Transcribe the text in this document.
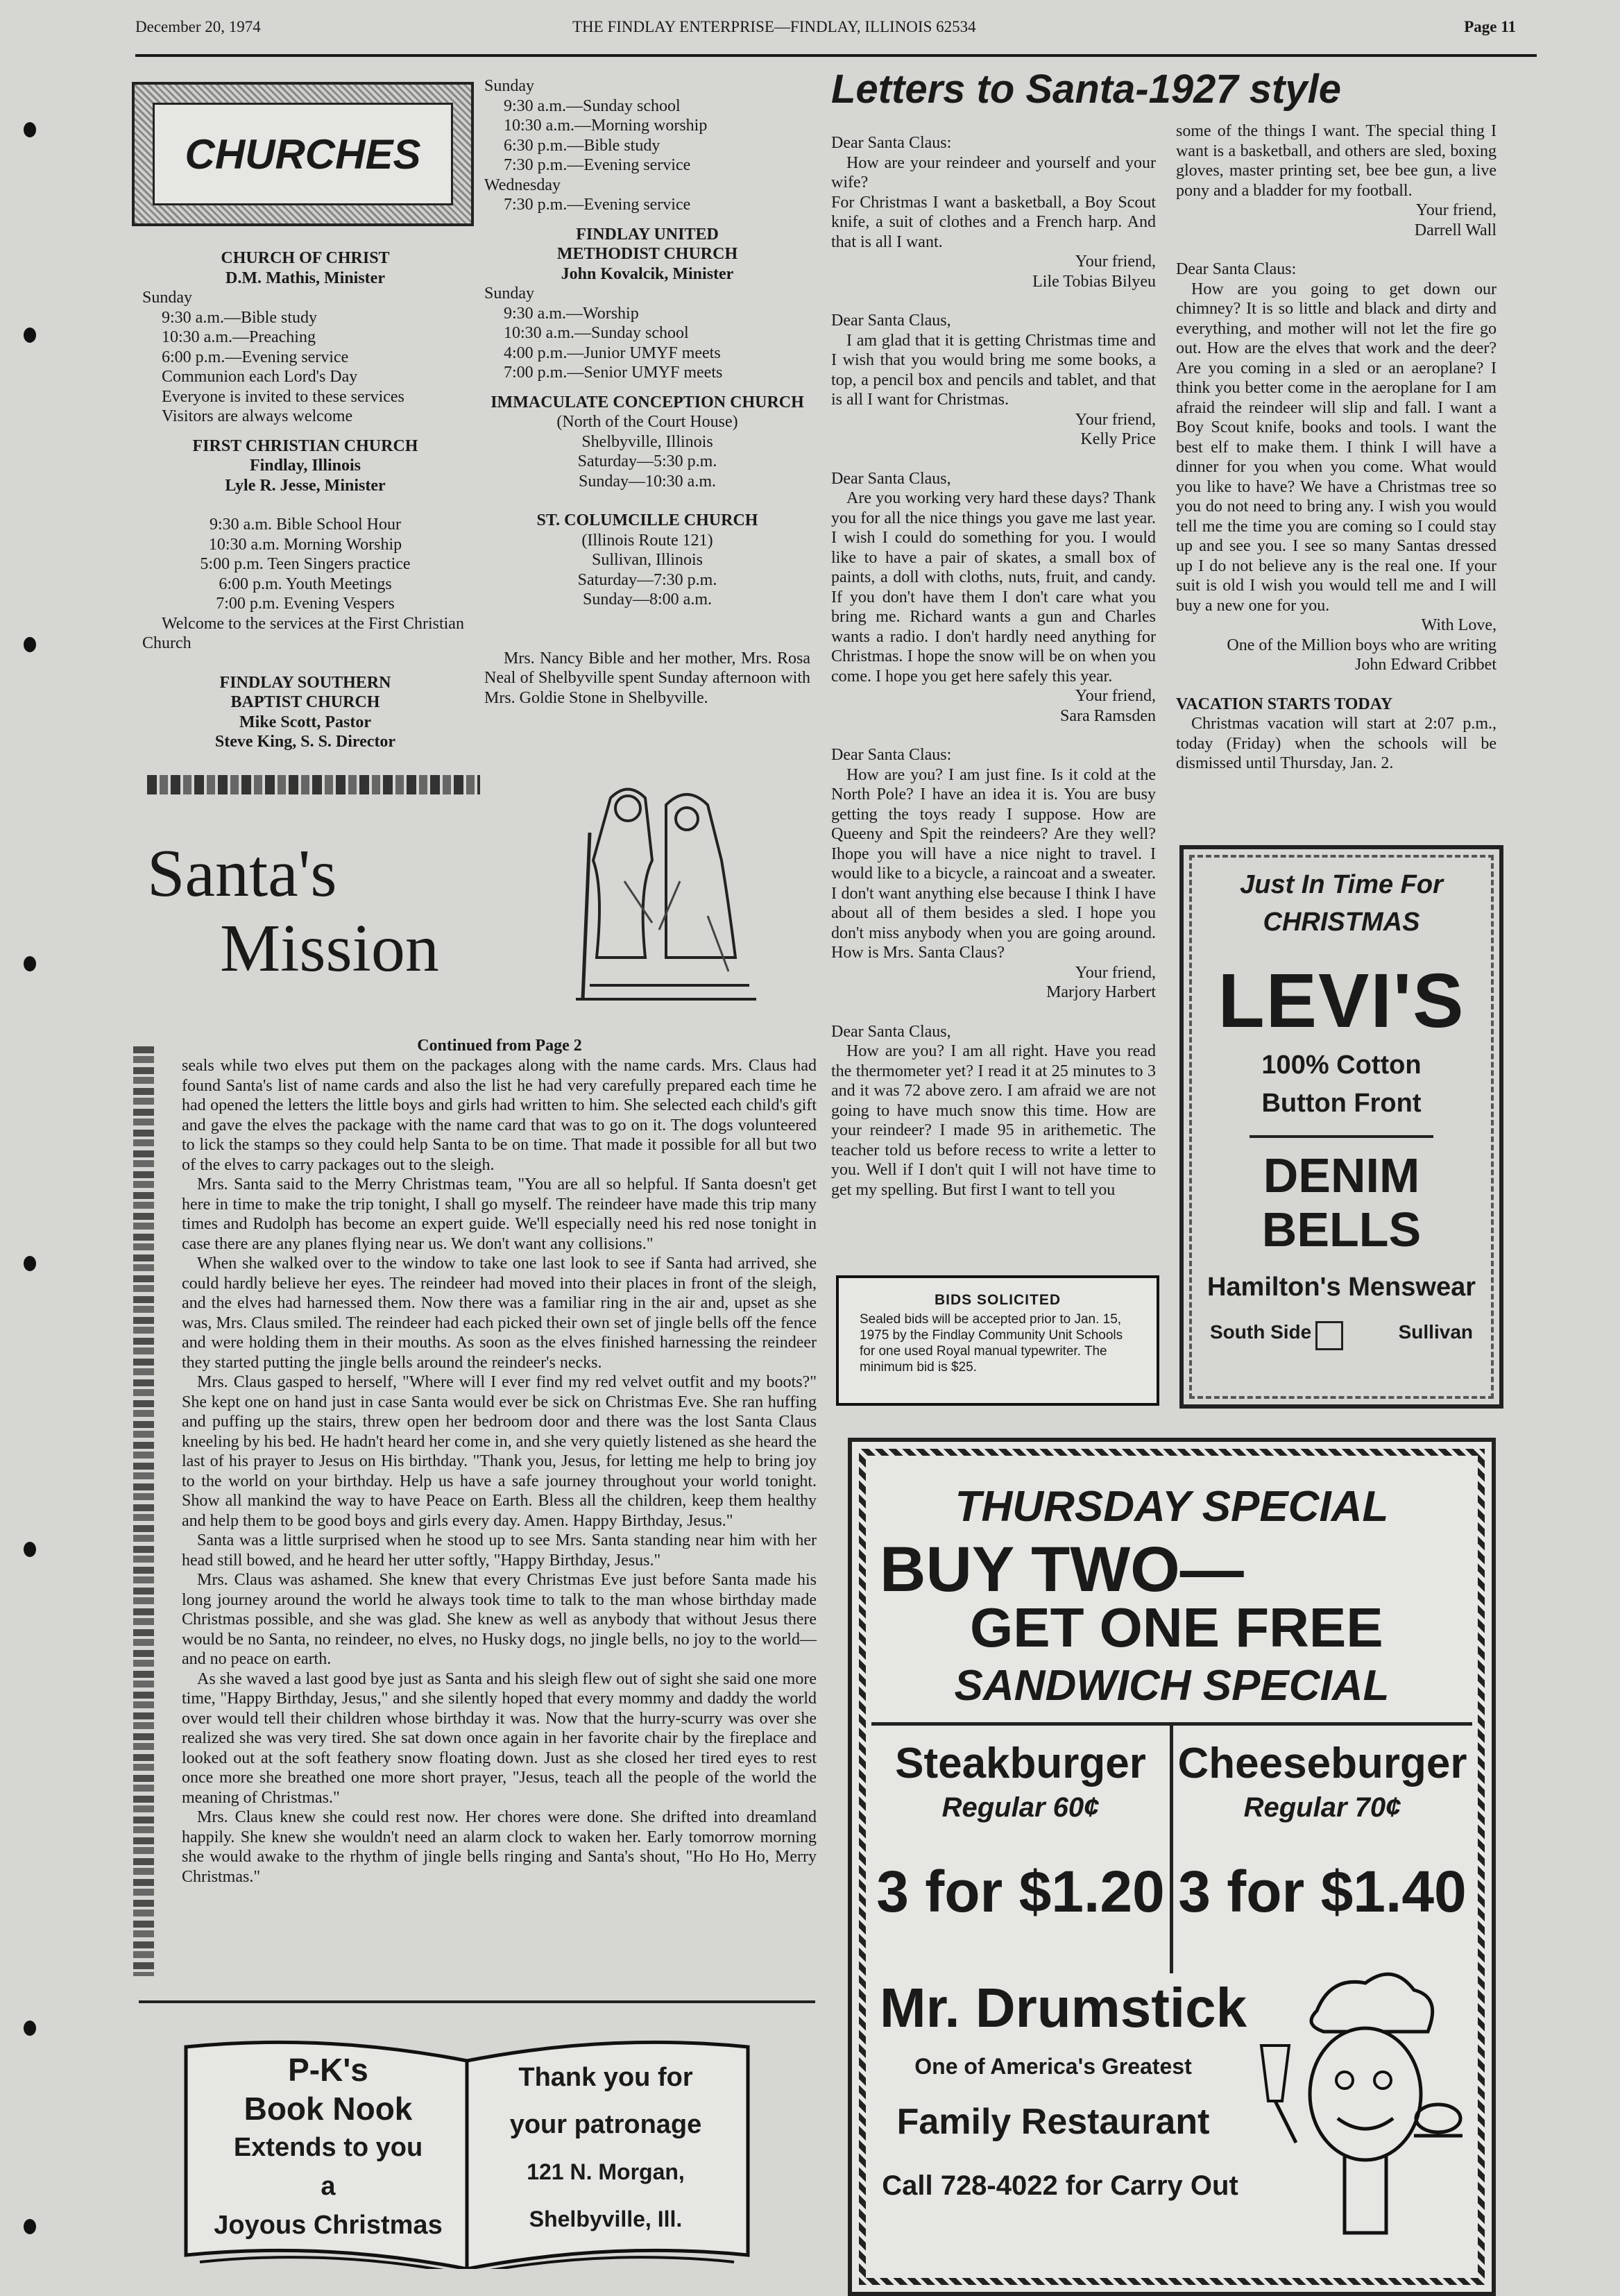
December 20, 1974	THE FINDLAY ENTERPRISE—FINDLAY, ILLINOIS 62534	Page 11
CHURCHES

CHURCH OF CHRIST

D.M. Mathis, Minister

Sunday

9:30 a.m.—Bible study

10:30 a.m.—Preaching

6:00 p.m.—Evening service

Communion each Lord's Day

Everyone is invited to these services

Visitors are always welcome

FIRST CHRISTIAN CHURCH

Findlay, Illinois

Lyle R. Jesse, Minister

9:30 a.m. Bible School Hour

10:30 a.m. Morning Worship

5:00 p.m. Teen Singers practice

6:00 p.m. Youth Meetings

7:00 p.m. Evening Vespers

Welcome to the services at the First Christian Church

FINDLAY SOUTHERN

BAPTIST CHURCH

Mike Scott, Pastor

Steve King, S. S. Director

Sunday

9:30 a.m.—Sunday school

10:30 a.m.—Morning worship

6:30 p.m.—Bible study

7:30 p.m.—Evening service

Wednesday

7:30 p.m.—Evening service

FINDLAY UNITED

METHODIST CHURCH

John Kovalcik, Minister

Sunday

9:30 a.m.—Worship

10:30 a.m.—Sunday school

4:00 p.m.—Junior UMYF meets

7:00 p.m.—Senior UMYF meets

IMMACULATE CONCEPTION CHURCH

(North of the Court House)

Shelbyville, Illinois

Saturday—5:30 p.m.

Sunday—10:30 a.m.

ST. COLUMCILLE CHURCH

(Illinois Route 121)

Sullivan, Illinois

Saturday—7:30 p.m.

Sunday—8:00 a.m.

Mrs. Nancy Bible and her mother, Mrs. Rosa Neal of Shelbyville spent Sunday afternoon with Mrs. Goldie Stone in Shelbyville.

Santa's
Mission
Continued from Page 2

seals while two elves put them on the packages along with the name cards. Mrs. Claus had found Santa's list of name cards and also the list he had very carefully prepared each time he had opened the letters the little boys and girls had written to him. She selected each child's gift and gave the elves the package with the name card that was to go on it. The dogs volunteered to lick the stamps so they could help Santa to be on time. That made it possible for all but two of the elves to carry packages out to the sleigh.

Mrs. Santa said to the Merry Christmas team, "You are all so helpful. If Santa doesn't get here in time to make the trip tonight, I shall go myself. The reindeer have made this trip many times and Rudolph has become an expert guide. We'll especially need his red nose tonight in case there are any planes flying near us. We don't want any collisions."

When she walked over to the window to take one last look to see if Santa had arrived, she could hardly believe her eyes. The reindeer had moved into their places in front of the sleigh, and the elves had harnessed them. Now there was a familiar ring in the air and, upset as she was, Mrs. Claus smiled. The reindeer had each picked their own set of jingle bells off the fence and were holding them in their mouths. As soon as the elves finished harnessing the reindeer they started putting the jingle bells around the reindeer's necks.

Mrs. Claus gasped to herself, "Where will I ever find my red velvet outfit and my boots?" She kept one on hand just in case Santa would ever be sick on Christmas Eve. She ran huffing and puffing up the stairs, threw open her bedroom door and there was the lost Santa Claus kneeling by his bed. He hadn't heard her come in, and she very quietly listened as she heard the last of his prayer to Jesus on His birthday. "Thank you, Jesus, for letting me help to bring joy to the world on your birthday. Help us have a safe journey throughout your world tonight. Show all mankind the way to have Peace on Earth. Bless all the children, keep them healthy and help them to be good boys and girls every day. Amen. Happy Birthday, Jesus."

Santa was a little surprised when he stood up to see Mrs. Santa standing near him with her head still bowed, and he heard her utter softly, "Happy Birthday, Jesus."

Mrs. Claus was ashamed. She knew that every Christmas Eve just before Santa made his long journey around the world he always took time to talk to the man whose birthday made Christmas possible, and she was glad. She knew as well as anybody that without Jesus there would be no Santa, no reindeer, no elves, no Husky dogs, no jingle bells, no joy to the world—and no peace on earth.

As she waved a last good bye just as Santa and his sleigh flew out of sight she said one more time, "Happy Birthday, Jesus," and she silently hoped that every mommy and daddy the world over would tell their children whose birthday it was. Now that the hurry-scurry was over she realized she was very tired. She sat down once again in her favorite chair by the fireplace and looked out at the soft feathery snow floating down. Just as she closed her tired eyes to rest once more she breathed one more short prayer, "Jesus, teach all the people of the world the meaning of Christmas."

Mrs. Claus knew she could rest now. Her chores were done. She drifted into dreamland happily. She knew she wouldn't need an alarm clock to waken her. Early tomorrow morning she would awake to the rhythm of jingle bells ringing and Santa's shout, "Ho Ho Ho, Merry Christmas."

P-K's
Book Nook
Extends to you
a
Joyous Christmas
Thank you for
your patronage
121 N. Morgan,
Shelbyville, Ill.
Letters to Santa-1927 style

Dear Santa Claus:

How are your reindeer and yourself and your wife?
For Christmas I want a basketball, a Boy Scout knife, a suit of clothes and a French harp. And that is all I want.

Your friend,

Lile Tobias Bilyeu

Dear Santa Claus,

I am glad that it is getting Christmas time and I wish that you would bring me some books, a top, a pencil box and pencils and tablet, and that is all I want for Christmas.

Your friend,

Kelly Price

Dear Santa Claus,

Are you working very hard these days? Thank you for all the nice things you gave me last year. I wish I could do something for you. I would like to have a pair of skates, a small box of paints, a doll with cloths, nuts, fruit, and candy. If you don't have them I don't care what you bring me. Richard wants a gun and Charles wants a radio. I don't hardly need anything for Christmas. I hope the snow will be on when you come. I hope you get here safely this year.

Your friend,

Sara Ramsden

Dear Santa Claus:

How are you? I am just fine. Is it cold at the North Pole? I have an idea it is. You are busy getting the toys ready I suppose. How are Queeny and Spit the reindeers? Are they well? Ihope you will have a nice night to travel. I would like to a bicycle, a raincoat and a sweater. I don't want anything else because I think I have about all of them besides a sled. I hope you don't miss anybody when you are going around. How is Mrs. Santa Claus?

Your friend,

Marjory Harbert

Dear Santa Claus,

How are you? I am all right. Have you read the thermometer yet? I read it at 25 minutes to 3 and it was 72 above zero. I am afraid we are not going to have much snow this time. How are your reindeer? I made 95 in arithemetic. The teacher told us before recess to write a letter to you. Well if I don't quit I will not have time to get my spelling. But first I want to tell you

BIDS SOLICITED
Sealed bids will be accepted prior to Jan. 15, 1975 by the Findlay Community Unit Schools for one used Royal manual typewriter. The minimum bid is $25.

some of the things I want. The special thing I want is a basketball, and others are sled, boxing gloves, master printing set, bee bee gun, a live pony and a bladder for my football.

Your friend,

Darrell Wall

Dear Santa Claus:

How are you going to get down our chimney? It is so little and black and dirty and everything, and mother will not let the fire go out. How are the elves that work and the deer? Are you coming in a sled or an aeroplane? I think you better come in the aeroplane for I am afraid the reindeer will slip and fall. I want a Boy Scout knife, books and tools. I want the best elf to make them. I think I will have a dinner for you when you come. What would you like to have? We have a Christmas tree so you do not need to bring any. I wish you would tell me the time you are coming so I could stay up and see you. I see so many Santas dressed up I do not believe any is the real one. If your suit is old I wish you would tell me and I will buy a new one for you.

With Love,

One of the Million boys who are writing
John Edward Cribbet

VACATION STARTS TODAY

Christmas vacation will start at 2:07 p.m., today (Friday) when the schools will be dismissed until Thursday, Jan. 2.

Just In Time For
CHRISTMAS
LEVI'S
100% Cotton
Button Front
DENIM
BELLS
Hamilton's Menswear
South Side	Sullivan
THURSDAY SPECIAL
BUY TWO—
GET ONE FREE
SANDWICH SPECIAL
Steakburger
Regular 60¢
3 for $1.20
Cheeseburger
Regular 70¢
3 for $1.40
Mr. Drumstick
One of America's Greatest
Family Restaurant
Call 728-4022 for Carry Out
